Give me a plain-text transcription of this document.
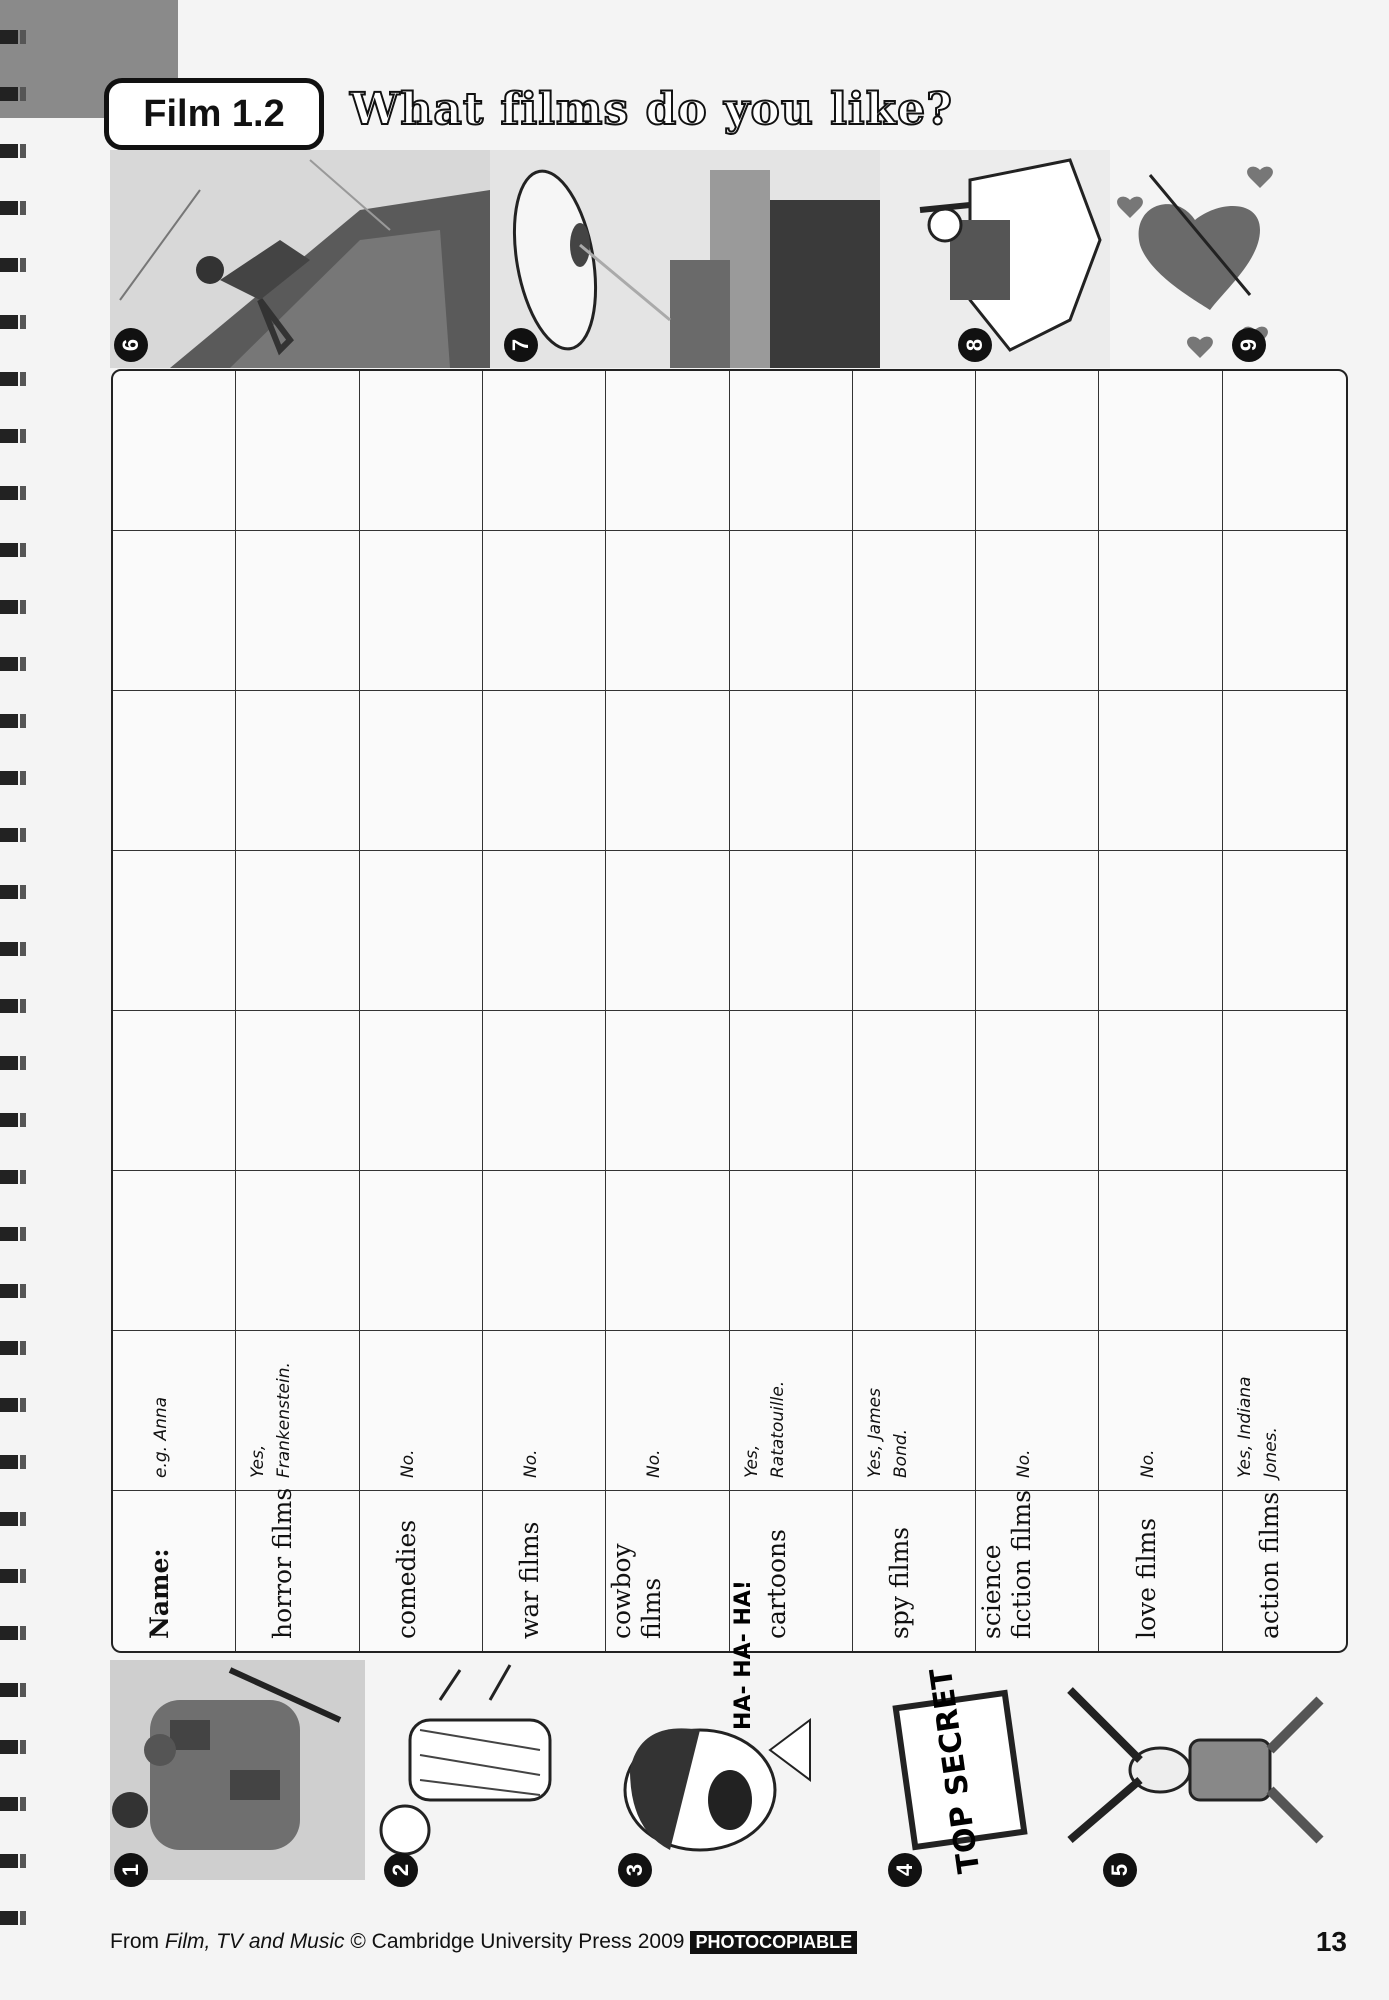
Film 1.2	What films do you like?
6	7	8	9
e.g. Anna	Yes, Frankenstein.	No.	No.	No.	Yes, Ratatouille.	Yes, James Bond.	No.	No.	Yes, Indiana Jones.
Name:	horror films	comedies	war films	cowboy films	cartoons	spy films	science fiction films	love films	action films
HA- HA- HA!
TOP SECRET
1	2	3	4	5
From Film, TV and Music © Cambridge University Press 2009 PHOTOCOPIABLE	13
